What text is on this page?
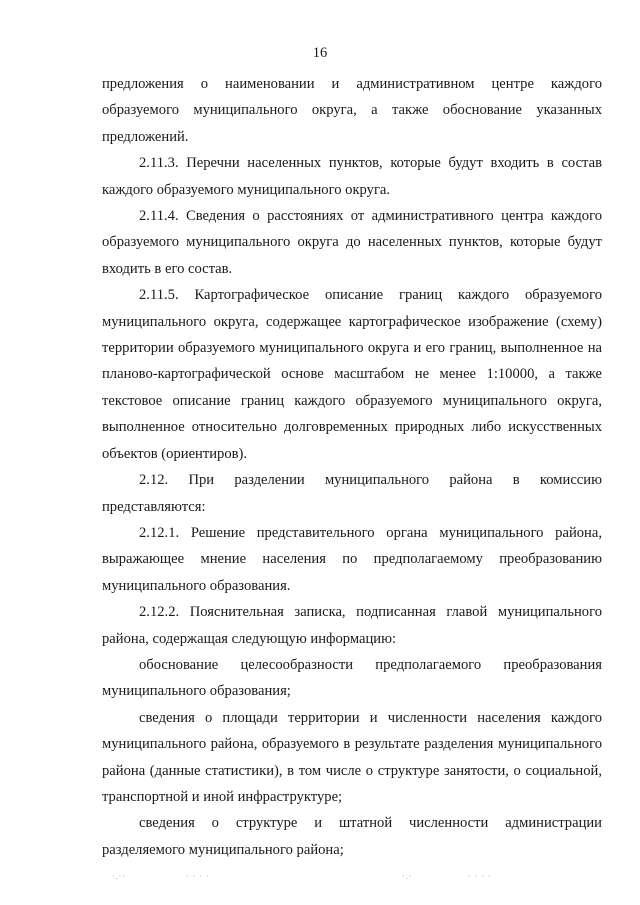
16

предложения о наименовании и административном центре каждого образуемого муниципального округа, а также обоснование указанных предложений.

2.11.3. Перечни населенных пунктов, которые будут входить в состав каждого образуемого муниципального округа.

2.11.4. Сведения о расстояниях от административного центра каждого образуемого муниципального округа до населенных пунктов, которые будут входить в его состав.

2.11.5. Картографическое описание границ каждого образуемого муниципального округа, содержащее картографическое изображение (схему) территории образуемого муниципального округа и его границ, выполненное на планово-картографической основе масштабом не менее 1:10000, а также текстовое описание границ каждого образуемого муниципального округа, выполненное относительно долговременных природных либо искусственных объектов (ориентиров).

2.12. При разделении муниципального района в комиссию представляются:

2.12.1. Решение представительного органа муниципального района, выражающее мнение населения по предполагаемому преобразованию муниципального образования.

2.12.2. Пояснительная записка, подписанная главой муниципального района, содержащая следующую информацию:

обоснование целесообразности предполагаемого преобразования муниципального образования;

сведения о площади территории и численности населения каждого муниципального района, образуемого в результате разделения муниципального района (данные статистики), в том числе о структуре занятости, о социальной, транспортной и иной инфраструктуре;

сведения о структуре и штатной численности администрации разделяемого муниципального района;

·.··	· · · ·	·.·	· · · ·
